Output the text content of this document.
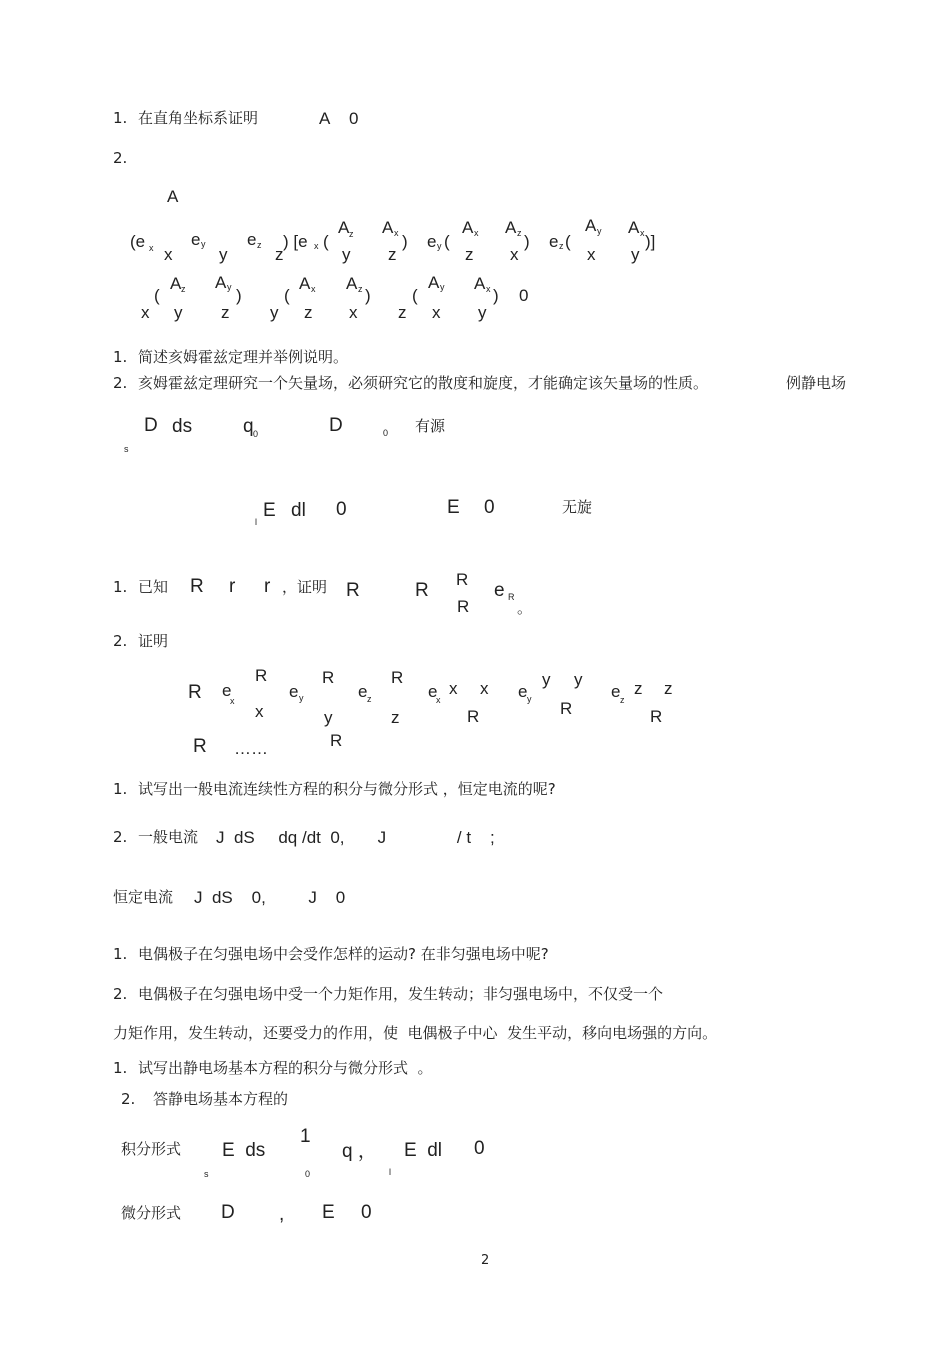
1. 在直角坐标系证明	A 0
2.
A
(e x e y e z ) [e x (
A z A x ) e y (
A x A z ) e z (
A y A x )]
x	y	z	y z	z x	x y
(
A z A y ) (
A x A z ) (
A y A x ) 0
x y z y z x z x y
1. 简述亥姆霍兹定理并举例说明。
2. 亥姆霍兹定理研究一个矢量场，必须研究它的散度和旋度，才能确定该矢量场的性质。	例静电场
D ds	q 0	D	0
s
有源
l
E dl 0	E 0	无旋
1. 已知 R r r ，证明 R	R
R
R
e R
。
2. 证明
R e
x
R
e y
R
e z
R
e
x
x x e y
y y
e z
z z
x	y	z	R	R	R
R ……	R
1. 试写出一般电流连续性方程的积分与微分形式 ，恒定电流的呢?
2. 一般电流 J  dS     dq /dt  0,       J               / t    ;
恒定电流 J  dS    0,         J    0
1. 电偶极子在匀强电场中会受作怎样的运动? 在非匀强电场中呢?
2. 电偶极子在匀强电场中受一个力矩作用，发生转动；非匀强电场中，不仅受一个
力矩作用，发生转动，还要受力的作用，使  电偶极子中心  发生平动，移向电场强的方向。
1. 试写出静电场基本方程的积分与微分形式  。
2. 答静电场基本方程的
积分形式 E  ds
1
q ， E  dl 0
s	0	l
微分形式 D , E 0
2
